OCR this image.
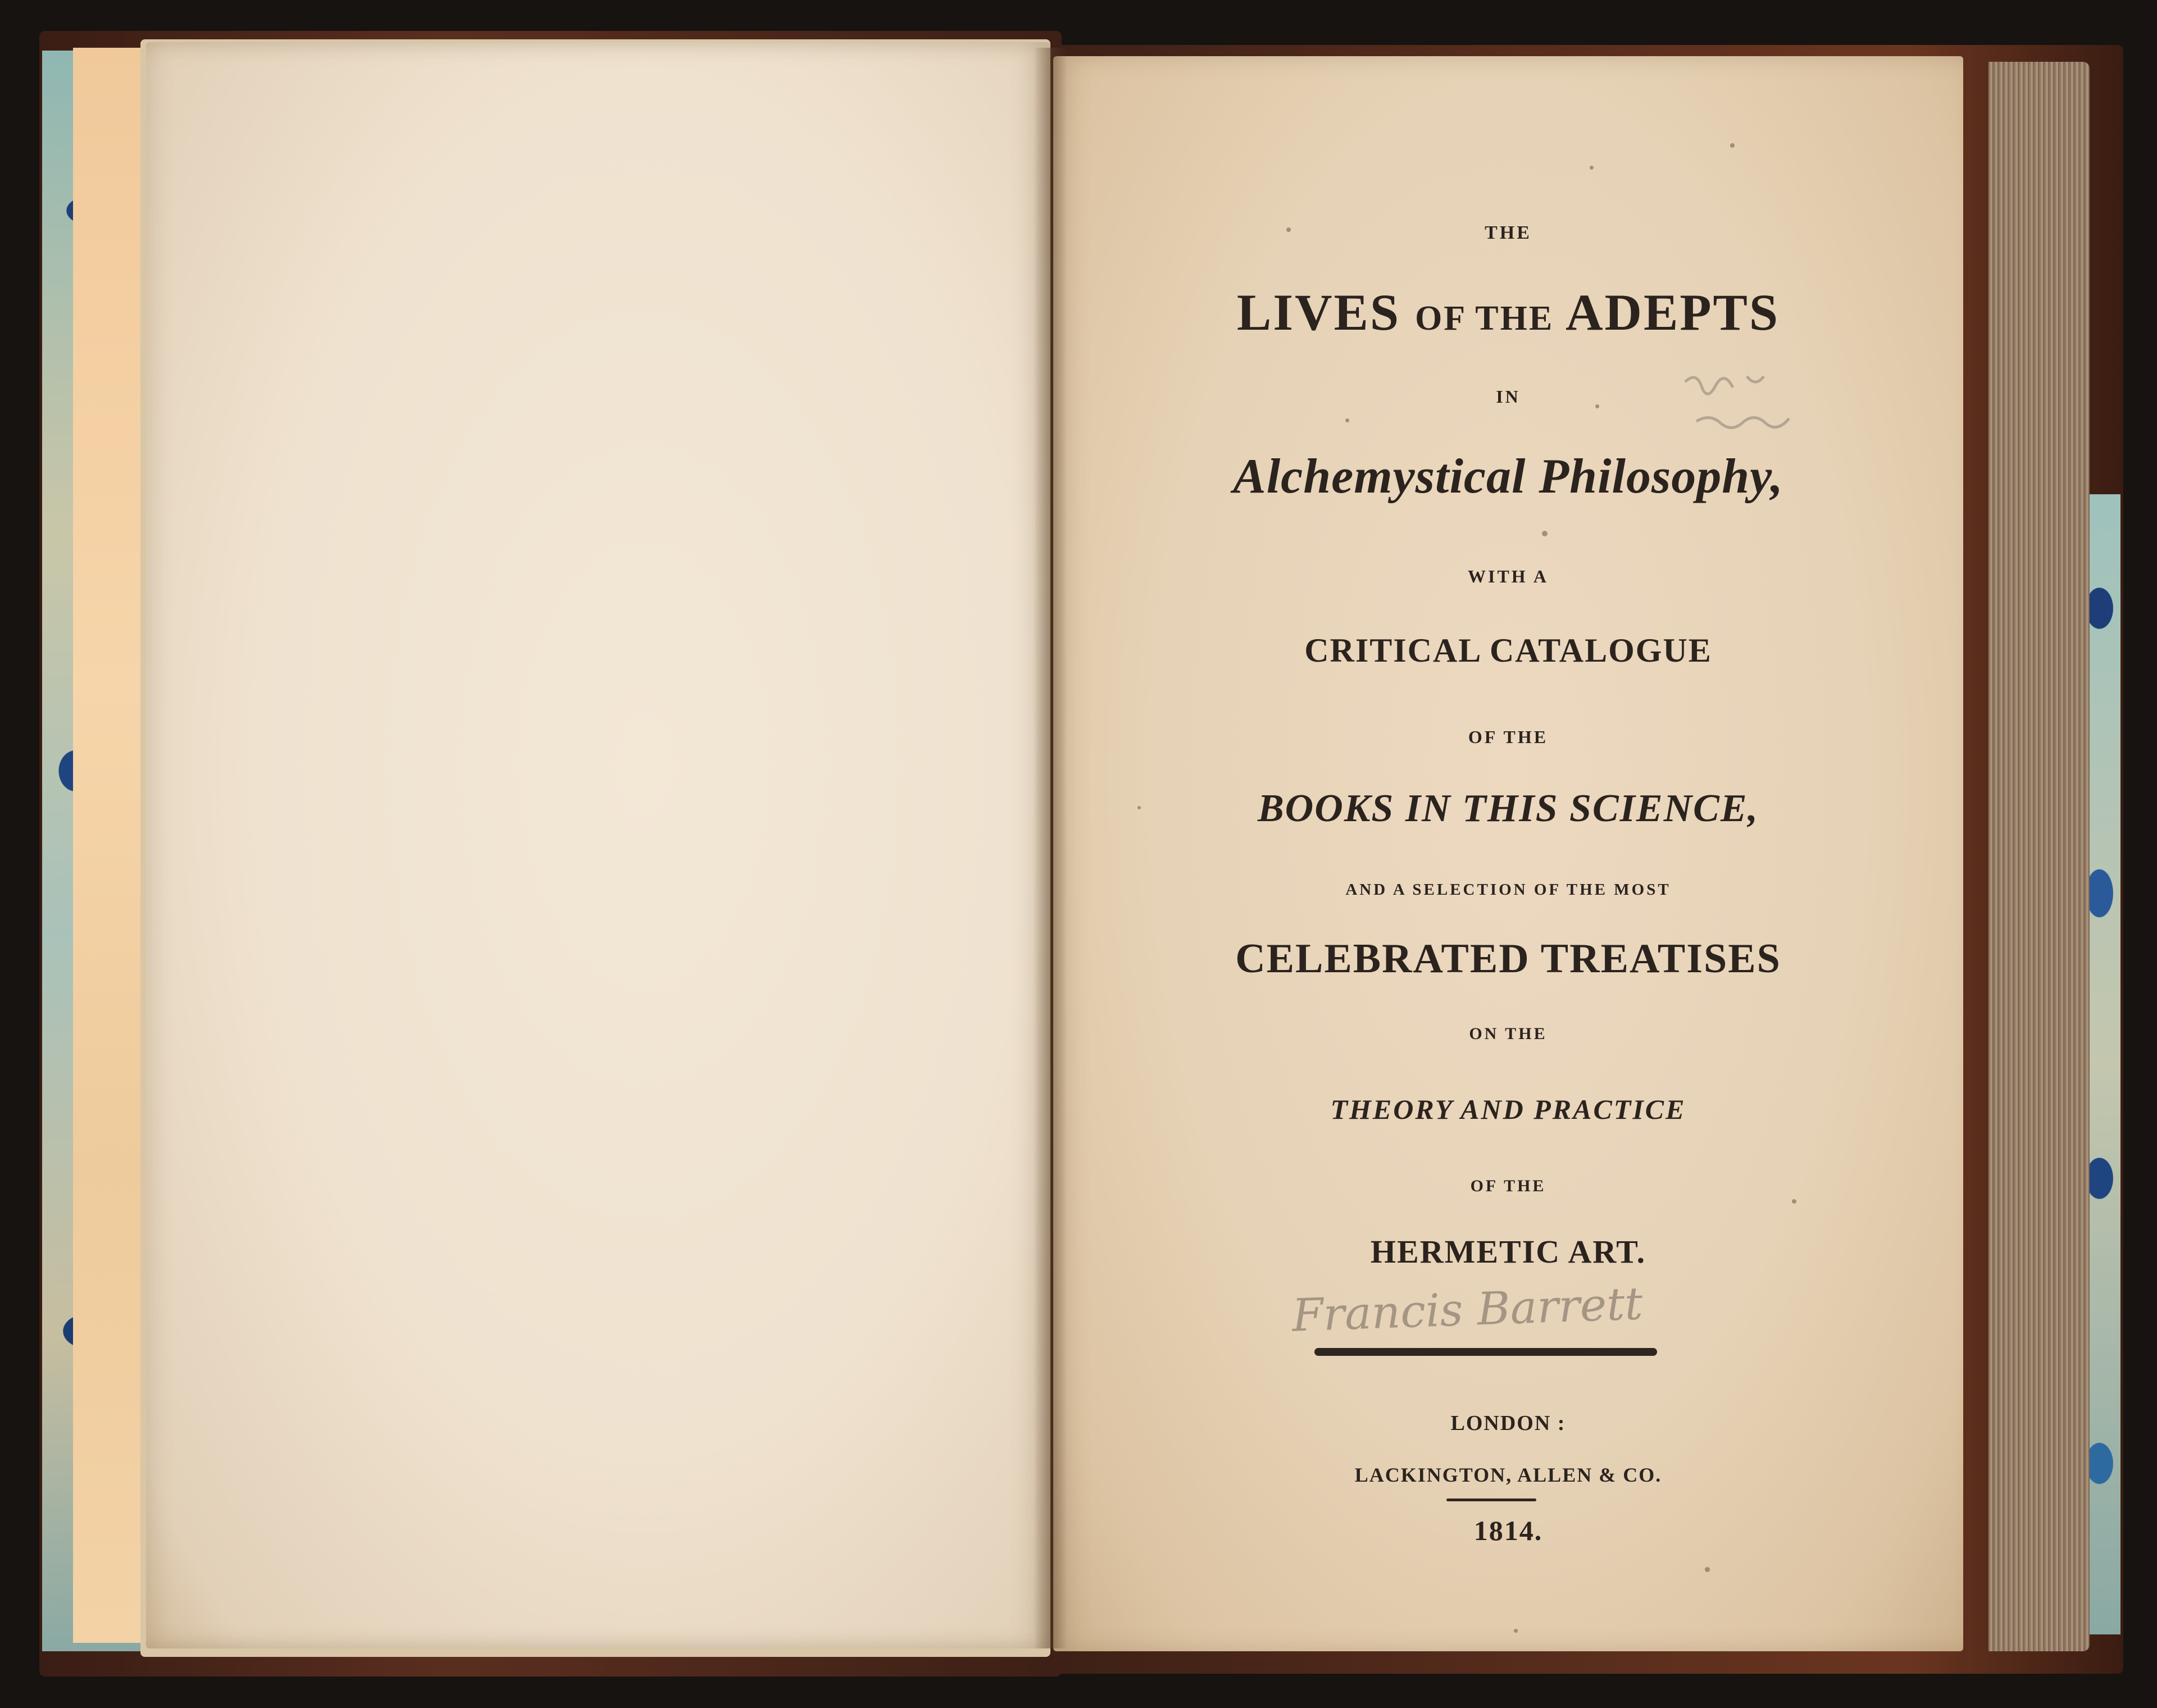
THE
LIVES OF THE ADEPTS
IN
Alchemystical Philosophy,
WITH A
CRITICAL CATALOGUE
OF THE
BOOKS IN THIS SCIENCE,
AND A SELECTION OF THE MOST
CELEBRATED TREATISES
ON THE
THEORY AND PRACTICE
OF THE
HERMETIC ART.
Francis Barrett
LONDON :
LACKINGTON, ALLEN & CO.
1814.
